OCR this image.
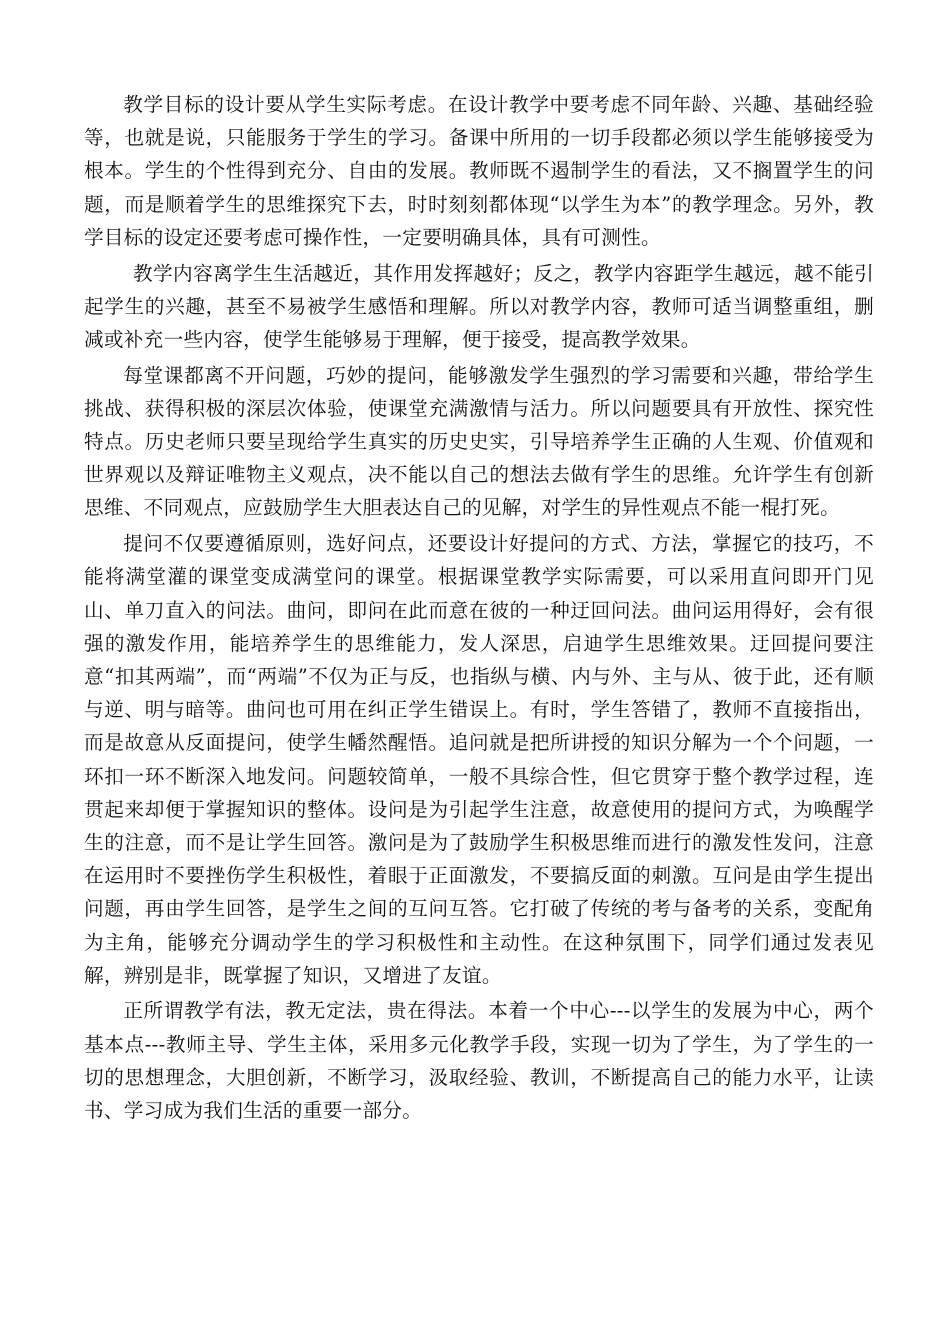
教学目标的设计要从学生实际考虑。在设计教学中要考虑不同年龄、兴趣、基础经验等，也就是说，只能服务于学生的学习。备课中所用的一切手段都必须以学生能够接受为根本。学生的个性得到充分、自由的发展。教师既不遏制学生的看法，又不搁置学生的问题，而是顺着学生的思维探究下去，时时刻刻都体现“以学生为本”的教学理念。另外，教学目标的设定还要考虑可操作性，一定要明确具体，具有可测性。

教学内容离学生生活越近，其作用发挥越好；反之，教学内容距学生越远，越不能引起学生的兴趣，甚至不易被学生感悟和理解。所以对教学内容，教师可适当调整重组，删减或补充一些内容，使学生能够易于理解，便于接受，提高教学效果。

每堂课都离不开问题，巧妙的提问，能够激发学生强烈的学习需要和兴趣，带给学生挑战、获得积极的深层次体验，使课堂充满激情与活力。所以问题要具有开放性、探究性特点。历史老师只要呈现给学生真实的历史史实，引导培养学生正确的人生观、价值观和世界观以及辩证唯物主义观点，决不能以自己的想法去做有学生的思维。允许学生有创新思维、不同观点，应鼓励学生大胆表达自己的见解，对学生的异性观点不能一棍打死。

提问不仅要遵循原则，选好问点，还要设计好提问的方式、方法，掌握它的技巧，不能将满堂灌的课堂变成满堂问的课堂。根据课堂教学实际需要，可以采用直问即开门见山、单刀直入的问法。曲问，即问在此而意在彼的一种迂回问法。曲问运用得好，会有很强的激发作用，能培养学生的思维能力，发人深思，启迪学生思维效果。迂回提问要注意“扣其两端”，而“两端”不仅为正与反，也指纵与横、内与外、主与从、彼于此，还有顺与逆、明与暗等。曲问也可用在纠正学生错误上。有时，学生答错了，教师不直接指出，而是故意从反面提问，使学生幡然醒悟。追问就是把所讲授的知识分解为一个个问题，一环扣一环不断深入地发问。问题较简单，一般不具综合性，但它贯穿于整个教学过程，连贯起来却便于掌握知识的整体。设问是为引起学生注意，故意使用的提问方式，为唤醒学生的注意，而不是让学生回答。激问是为了鼓励学生积极思维而进行的激发性发问，注意在运用时不要挫伤学生积极性，着眼于正面激发，不要搞反面的刺激。互问是由学生提出问题，再由学生回答，是学生之间的互问互答。它打破了传统的考与备考的关系，变配角为主角，能够充分调动学生的学习积极性和主动性。在这种氛围下，同学们通过发表见解，辨别是非，既掌握了知识，又增进了友谊。

正所谓教学有法，教无定法，贵在得法。本着一个中心---以学生的发展为中心，两个基本点---教师主导、学生主体，采用多元化教学手段，实现一切为了学生，为了学生的一切的思想理念，大胆创新，不断学习，汲取经验、教训，不断提高自己的能力水平，让读书、学习成为我们生活的重要一部分。
